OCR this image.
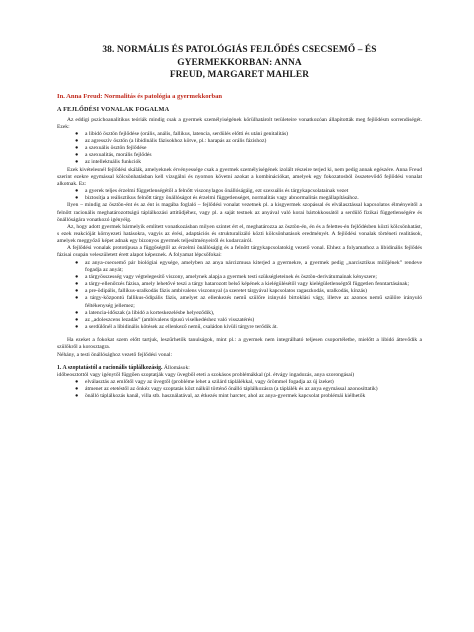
38. NORMÁLIS ÉS PATOLÓGIÁS FEJLŐDÉS CSECSEMŐ – ÉS GYERMEKKORBAN: ANNA
FREUD, MARGARET MAHLER
In. Anna Freud: Normalitás és patológia a gyermekkorban
A FEJLŐDÉSI VONALAK FOGALMA

Az eddigi pszichoanalitikus teóriák mindig csak a gyermek személyiségének körülhatárolt területeire vonatkozóan állapították meg fejlődésm sorrendiségét. Ezek:

● a libidó ösztön fejlődése (orális, anális, fallikus, latencia, serdülés előtti és utáni genitalitás)
● az agresszív ösztön (a libidinális fázisokhoz kötve, pl.: harapás az orális fázishoz)
● a szexuális ösztön fejlődése
● a szexualitás, morális fejlődés
● az intellektuális funkciók

Ezek kivételesnél fejlődési skálák, amelyeknek érvényessége csak a gyermek személyiségének izolált részeire terjed ki, nem pedig annak egészére. Anna Freud szerint ezekre egymással kölcsönhatásban kell vizsgálni és nyomon követni azokat a kombinációkat, amelyek egy fokozatosból összetevődő fejlődési vonalat alkotnak. Ez:

● a gyerek teljes érzelmi függetlenségétől a felnőtt viszonylagos önállóságáig, ezt szexuális és tárgykapcsolatainak vezet
● biztosítja a reálisztikus felnőtt tárgy önállóságot és érzelmi függetlenséget, normalitás vagy abnormalitás megállapításához.

Ilyen – mindig az ösztön-ént és az ént is magába foglaló – fejlődési vonalat vezetnek pl. a kisgyermek szopással és elválasztással kapcsolatos élményeitől a felnőtt racionális meghatározottságú táplálkozási attitűdjéhez, vagy pl. a saját testnek az anyával való korai bártokkossától a serdülő fizikai függetlenségére és önállóságára vonatkozó igényéig.

Az, hogy adott gyermek bármelyik említett vonatkozásban milyen szintet ért el, meghatározza az ösztön-én, én és a felettes-én fejlődésben közti kölcsönhatást, s ezek reakcióját környezeti hatásokra, vagyis az érési, adaptációs és strukturalizáló közti kölcsönhatások eredményét. A fejlődési vonalak történeti realitások, amelyek meggyőző képet adnak egy bizonyos gyermek teljesítményeiről és kudarcairól.

A fejlődési vonalak prototípusa a függőségtől az érzelmi önállóságig és a felnőtt tárgykapcsolatokig vezető vonal. Ehhez a folyamathoz a libidinális fejlődés fázisai csupán veleszületett érett alapot képeznek. A folyamat lépcsőfokai:

● az anya-csecsemő pár biológiai egysége, amelyben az anya nárcizmusa kiterjed a gyermekre, a gyermek pedig „narcisztikus milőjének” rendeve fogadja az anyát;
● a tárgyösszesség vagy végtelegesítő viszony, amelynek alapja a gyermek testi szükségleteinek és ösztön-derivátumainak kényszere;
● a tárgy-ellenőrzés fázisa, amely lehetővé teszi a tárgy hatarozott belső képének a kielégülésétől vagy kielégületlenségtől független fenntartásának;
● a pre-ödipális, fallikus-uralkodás fázis ambivalens viszonnyal (a szeretet tárgyával kapcsolatos ragaszkodás, uralkodás, kínzás)
● a tárgy-központú fallikus-ödipális fázis, amelyet az ellenkezés nemű szülőre irányuló birtoklási vágy, illetve az azonos nemű szülőre irányuló féltékenység jellemez;
● a latencia-időszak (a libidó a korteskezelésbe helyeződik),
● az „adoleszcens lezadás” (ambivalens típusú viselkedéshez való visszatérés)
● a serdülőnél a libidinális kötések az ellenkező nemű, családon kívüli tárgyre terődik át.

Ha ezeket a fokokat szem előtt tartjuk, leszűrhetők tanulságok, mint pl.: a gyermek nem integrálható teljesen csoportéletbe, mielőtt a libidó áttevődik a szülőkről a korosztagra.

Néhány, a testi önállósághoz vezető fejlődési vonal:

1. A szoptatástól a racionális táplálkozásig. Állomások:

időbeosztottól vagy igénytől függően szoptatják vagy üvegből eteti a szokásos problémákkal (pl. étvágy ingadozás, anya szorongásai)

● elválasztás az emlőtől vagy az üvegtől (probléme lehet a szilárd táplálékkal, vagy örömmel fogadja az új ízeket)
● átmenet az etetéstől az önkéz vagy szoptatás közt nálkül történő önálló táplálkozásra (a táplálék és az anya egymással azonosíttatik)
● önálló táplálkozás kanál, villa stb. használatával, az étkezés mint harcter, ahol az anya-gyermek kapcsolat problémái kiélhetők
